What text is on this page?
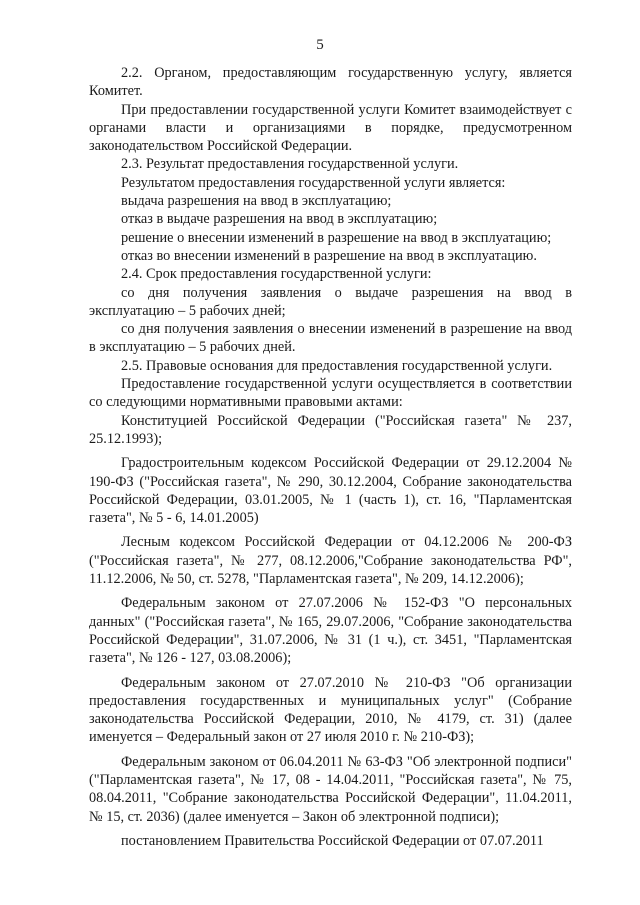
5

2.2. Органом, предоставляющим государственную услугу, является Комитет.

При предоставлении государственной услуги Комитет взаимодействует с органами власти и организациями в порядке, предусмотренном законодательством Российской Федерации.

2.3. Результат предоставления государственной услуги.

Результатом предоставления государственной услуги является:

выдача разрешения на ввод в эксплуатацию;

отказ в выдаче разрешения на ввод в эксплуатацию;

решение о внесении изменений в разрешение на ввод в эксплуатацию;

отказ во внесении изменений в разрешение на ввод в эксплуатацию.

2.4. Срок предоставления государственной услуги:

со дня получения заявления о выдаче разрешения на ввод в эксплуатацию – 5 рабочих дней;

со дня получения заявления о внесении изменений в разрешение на ввод в эксплуатацию – 5 рабочих дней.

2.5. Правовые основания для предоставления государственной услуги.

Предоставление государственной услуги осуществляется в соответствии со следующими нормативными правовыми актами:

Конституцией Российской Федерации ("Российская газета" № 237, 25.12.1993);

Градостроительным кодексом Российской Федерации от 29.12.2004 № 190-ФЗ ("Российская газета", № 290, 30.12.2004, Собрание законодательства Российской Федерации, 03.01.2005, № 1 (часть 1), ст. 16, "Парламентская газета", № 5 - 6, 14.01.2005)

Лесным кодексом Российской Федерации от 04.12.2006 № 200-ФЗ ("Российская газета", № 277, 08.12.2006,"Собрание законодательства РФ", 11.12.2006, № 50, ст. 5278, "Парламентская газета", № 209, 14.12.2006);

Федеральным законом от 27.07.2006 № 152-ФЗ "О персональных данных" ("Российская газета", № 165, 29.07.2006, "Собрание законодательства Российской Федерации", 31.07.2006, № 31 (1 ч.), ст. 3451, "Парламентская газета", № 126 - 127, 03.08.2006);

Федеральным законом от 27.07.2010 № 210-ФЗ "Об организации предоставления государственных и муниципальных услуг" (Собрание законодательства Российской Федерации, 2010, № 4179, ст. 31) (далее именуется – Федеральный закон от 27 июля 2010 г. № 210-ФЗ);

Федеральным законом от 06.04.2011 № 63-ФЗ "Об электронной подписи" ("Парламентская газета", № 17, 08 - 14.04.2011, "Российская газета", № 75, 08.04.2011, "Собрание законодательства Российской Федерации", 11.04.2011, № 15, ст. 2036) (далее именуется – Закон об электронной подписи);

постановлением Правительства Российской Федерации от 07.07.2011
